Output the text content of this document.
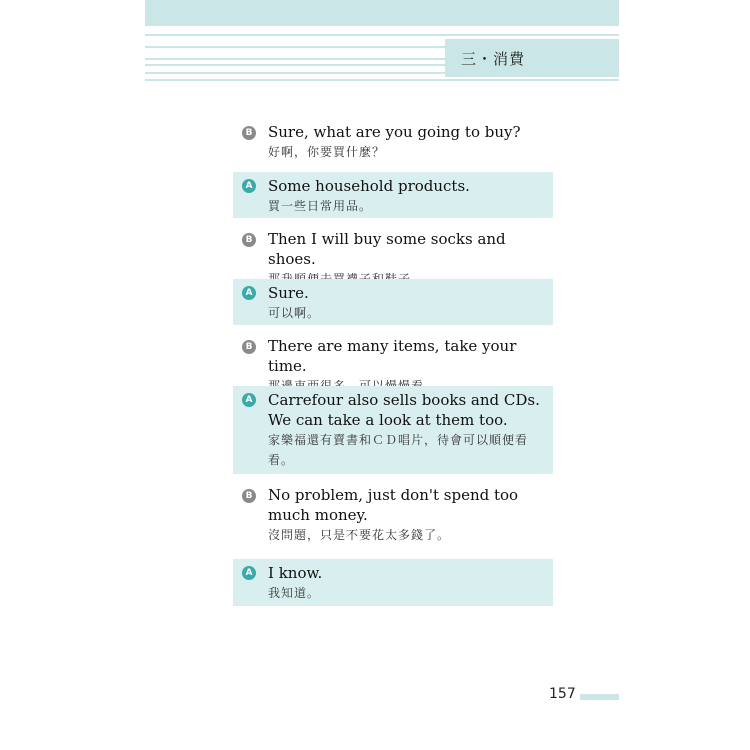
三・消費
B Sure, what are you going to buy?
好啊，你要買什麼？
A Some household products.
買一些日常用品。
B Then I will buy some socks and shoes.
A Sure.
可以啊。
B There are many items, take your time.
A Carrefour also sells books and CDs. We can take a look at them too.
家樂福還有賣書和ＣＤ唱片，待會可以順便看看。
B No problem, just don't spend too much money.
沒問題，只是不要花太多錢了。
A I know.
我知道。
157
